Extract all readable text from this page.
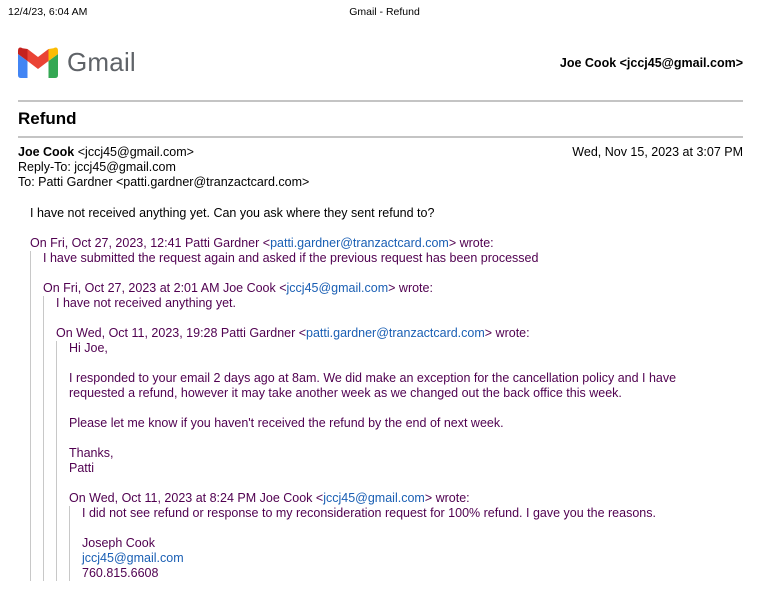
12/4/23, 6:04 AM	Gmail - Refund
Gmail	Joe Cook <jccj45@gmail.com>
Refund
Joe Cook <jccj45@gmail.com>	Wed, Nov 15, 2023 at 3:07 PM
Reply-To: jccj45@gmail.com
To: Patti Gardner <patti.gardner@tranzactcard.com>
I have not received anything yet. Can you ask where they sent refund to?
On Fri, Oct 27, 2023, 12:41 Patti Gardner <patti.gardner@tranzactcard.com> wrote:
I have submitted the request again and asked if the previous request has been processed
On Fri, Oct 27, 2023 at 2:01 AM Joe Cook <jccj45@gmail.com> wrote:
I have not received anything yet.
On Wed, Oct 11, 2023, 19:28 Patti Gardner <patti.gardner@tranzactcard.com> wrote:
Hi Joe,
I responded to your email 2 days ago at 8am. We did make an exception for the cancellation policy and I have requested a refund, however it may take another week as we changed out the back office this week.
Please let me know if you haven't received the refund by the end of next week.
Thanks,
Patti
On Wed, Oct 11, 2023 at 8:24 PM Joe Cook <jccj45@gmail.com> wrote:
I did not see refund or response to my reconsideration request for 100% refund. I gave you the reasons.
Joseph Cook
jccj45@gmail.com
760.815.6608
